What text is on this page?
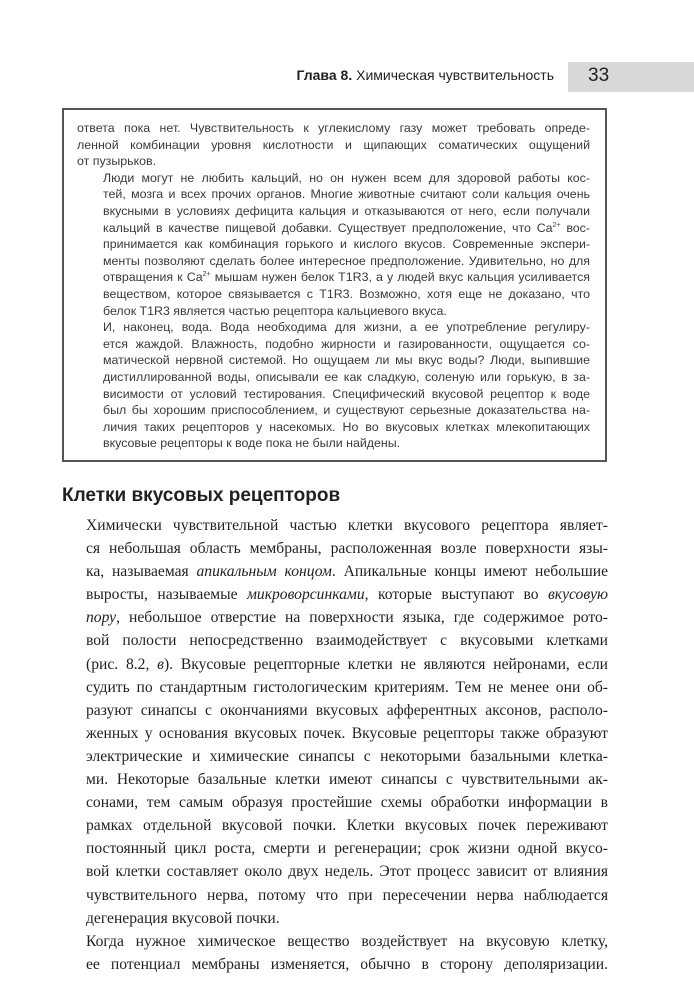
Глава 8. Химическая чувствительность 33

ответа пока нет. Чувствительность к углекислому газу может требовать опреде-
ленной комбинации уровня кислотности и щипающих соматических ощущений
от пузырьков.

Люди могут не любить кальций, но он нужен всем для здоровой работы кос-
тей, мозга и всех прочих органов. Многие животные считают соли кальция очень
вкусными в условиях дефицита кальция и отказываются от него, если получали
кальций в качестве пищевой добавки. Существует предположение, что $Ca^{2+}$ вос-
принимается как комбинация горького и кислого вкусов. Современные экспери-
менты позволяют сделать более интересное предположение. Удивительно, но для
отвращения к $Ca^{2+}$ мышам нужен белок T1R3, а у людей вкус кальция усиливается
веществом, которое связывается с T1R3. Возможно, хотя еще не доказано, что
белок T1R3 является частью рецептора кальциевого вкуса.

И, наконец, вода. Вода необходима для жизни, а ее употребление регулиру-
ется жаждой. Влажность, подобно жирности и газированности, ощущается со-
матической нервной системой. Но ощущаем ли мы вкус воды? Люди, выпившие
дистиллированной воды, описывали ее как сладкую, соленую или горькую, в за-
висимости от условий тестирования. Специфический вкусовой рецептор к воде
был бы хорошим приспособлением, и существуют серьезные доказательства на-
личия таких рецепторов у насекомых. Но во вкусовых клетках млекопитающих
вкусовые рецепторы к воде пока не были найдены.

Клетки вкусовых рецепторов

Химически чувствительной частью клетки вкусового рецептора являет-
ся небольшая область мембраны, расположенная возле поверхности язы-
ка, называемая апикальным концом. Апикальные концы имеют небольшие
выросты, называемые микроворсинками, которые выступают во вкусовую
пору, небольшое отверстие на поверхности языка, где содержимое рото-
вой полости непосредственно взаимодействует с вкусовыми клетками
(рис. 8.2, в). Вкусовые рецепторные клетки не являются нейронами, если
судить по стандартным гистологическим критериям. Тем не менее они об-
разуют синапсы с окончаниями вкусовых афферентных аксонов, располо-
женных у основания вкусовых почек. Вкусовые рецепторы также образуют
электрические и химические синапсы с некоторыми базальными клетка-
ми. Некоторые базальные клетки имеют синапсы с чувствительными ак-
сонами, тем самым образуя простейшие схемы обработки информации в
рамках отдельной вкусовой почки. Клетки вкусовых почек переживают
постоянный цикл роста, смерти и регенерации; срок жизни одной вкусо-
вой клетки составляет около двух недель. Этот процесс зависит от влияния
чувствительного нерва, потому что при пересечении нерва наблюдается
дегенерация вкусовой почки.

Когда нужное химическое вещество воздействует на вкусовую клетку,
ее потенциал мембраны изменяется, обычно в сторону деполяризации.
